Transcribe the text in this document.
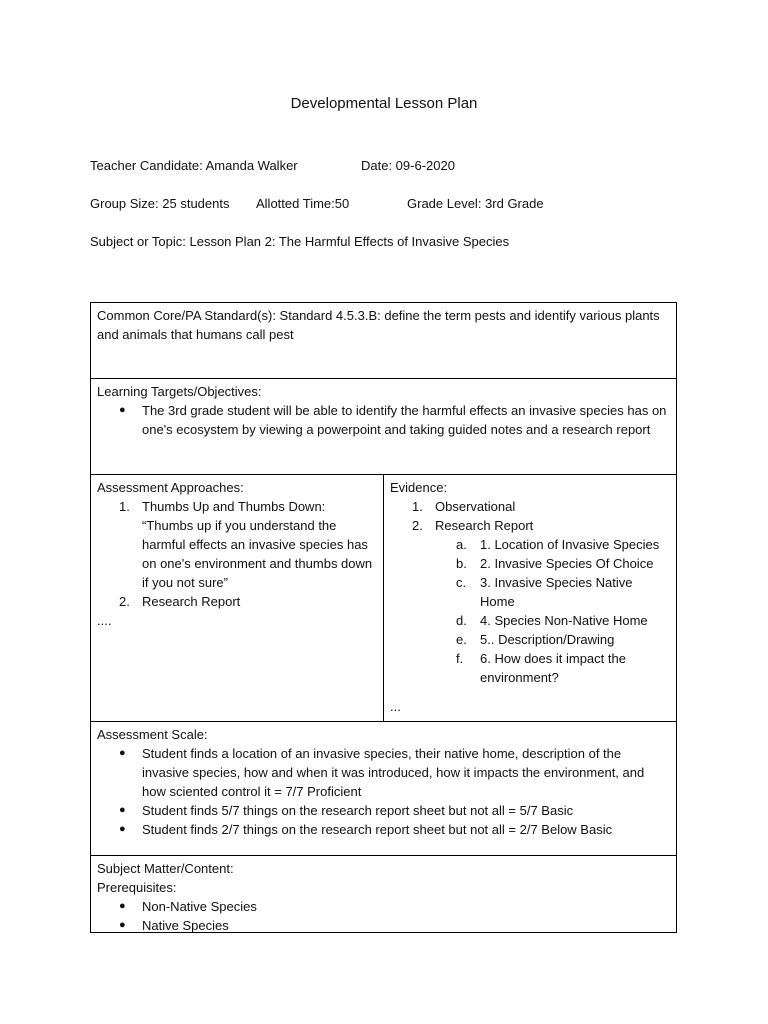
Developmental Lesson Plan
Teacher Candidate: Amanda Walker	Date: 09-6-2020
Group Size: 25 students Allotted Time:50	Grade Level: 3rd Grade
Subject or Topic: Lesson Plan 2: The Harmful Effects of Invasive Species
Common Core/PA Standard(s): Standard 4.5.3.B: define the term pests and identify various plants and animals that humans call pest
Learning Targets/Objectives:
● The 3rd grade student will be able to identify the harmful effects an invasive species has on one's ecosystem by viewing a powerpoint and taking guided notes and a research report
Assessment Approaches:
1. Thumbs Up and Thumbs Down: “Thumbs up if you understand the harmful effects an invasive species has on one's environment and thumbs down if you not sure”
2. Research Report
....
Evidence:
1. Observational
2. Research Report
a. 1. Location of Invasive Species
b. 2. Invasive Species Of Choice
c. 3. Invasive Species Native Home
d. 4. Species Non-Native Home
e. 5.. Description/Drawing
f. 6. How does it impact the environment?
...
Assessment Scale:
● Student finds a location of an invasive species, their native home, description of the invasive species, how and when it was introduced, how it impacts the environment, and how sciented control it = 7/7 Proficient
● Student finds 5/7 things on the research report sheet but not all = 5/7 Basic
● Student finds 2/7 things on the research report sheet but not all = 2/7 Below Basic
Subject Matter/Content:
Prerequisites:
● Non-Native Species
● Native Species
